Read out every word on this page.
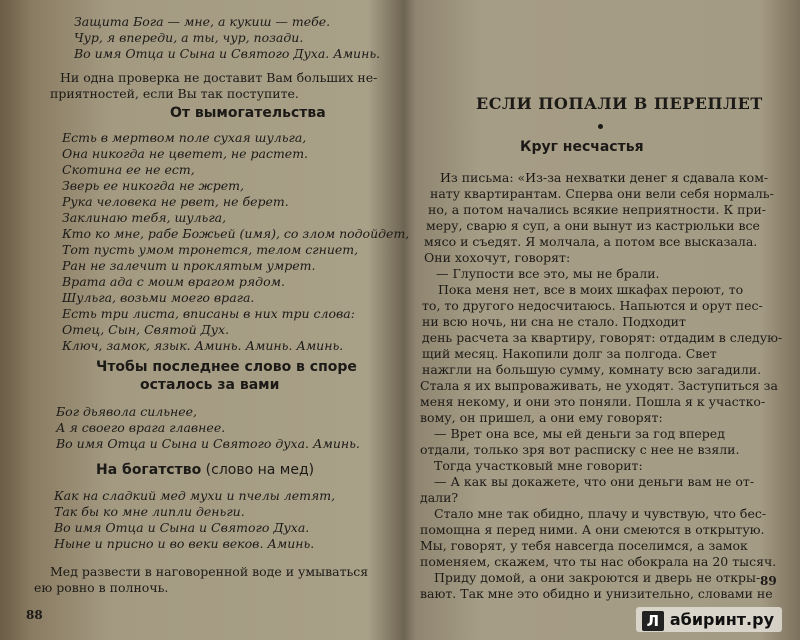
Защита Бога — мне, а кукиш — тебе.
Чур, я впереди, а ты, чур, позади.
Во имя Отца и Сына и Святого Духа. Аминь.
Ни одна проверка не доставит Вам больших не-
приятностей, если Вы так поступите.
От вымогательства
Есть в мертвом поле сухая шульга,
Она никогда не цветет, не растет.
Скотина ее не ест,
Зверь ее никогда не жрет,
Рука человека не рвет, не берет.
Заклинаю тебя, шульга,
Кто ко мне, рабе Божьей (имя), со злом подойдет,
Тот пусть умом тронется, телом сгниет,
Ран не залечит и проклятым умрет.
Врата ада с моим врагом рядом.
Шульга, возьми моего врага.
Есть три листа, вписаны в них три слова:
Отец, Сын, Святой Дух.
Ключ, замок, язык. Аминь. Аминь. Аминь.
Чтобы последнее слово в споре
осталось за вами
Бог дьявола сильнее,
А я своего врага главнее.
Во имя Отца и Сына и Святого духа. Аминь.
На богатство (слово на мед)
Как на сладкий мед мухи и пчелы летят,
Так бы ко мне липли деньги.
Во имя Отца и Сына и Святого Духа.
Ныне и присно и во веки веков. Аминь.
Мед развести в наговоренной воде и умываться
ею ровно в полночь.
88
ЕСЛИ ПОПАЛИ В ПЕРЕПЛЕТ
Круг несчастья
Из письма: «Из-за нехватки денег я сдавала ком-
нату квартирантам. Сперва они вели себя нормаль-
но, а потом начались всякие неприятности. К при-
меру, сварю я суп, а они вынут из кастрюльки все
мясо и съедят. Я молчала, а потом все высказала.
Они хохочут, говорят:
— Глупости все это, мы не брали.
Пока меня нет, все в моих шкафах пероют, то
то, то другого недосчитаюсь. Напьются и орут пес-
ни всю ночь, ни сна не стало. Подходит
день расчета за квартиру, говорят: отдадим в следую-
щий месяц. Накопили долг за полгода. Свет
нажгли на большую сумму, комнату всю загадили.
Стала я их выпроваживать, не уходят. Заступиться за
меня некому, и они это поняли. Пошла я к участко-
вому, он пришел, а они ему говорят:
— Врет она все, мы ей деньги за год вперед
отдали, только зря вот расписку с нее не взяли.
Тогда участковый мне говорит:
— А как вы докажете, что они деньги вам не от-
дали?
Стало мне так обидно, плачу и чувствую, что бес-
помощна я перед ними. А они смеются в открытую.
Мы, говорят, у тебя навсегда поселимся, а замок
поменяем, скажем, что ты нас обокрала на 20 тысяч.
Приду домой, а они закроются и дверь не откры-
вают. Так мне это обидно и унизительно, словами не
89
Л абиринт.ру
